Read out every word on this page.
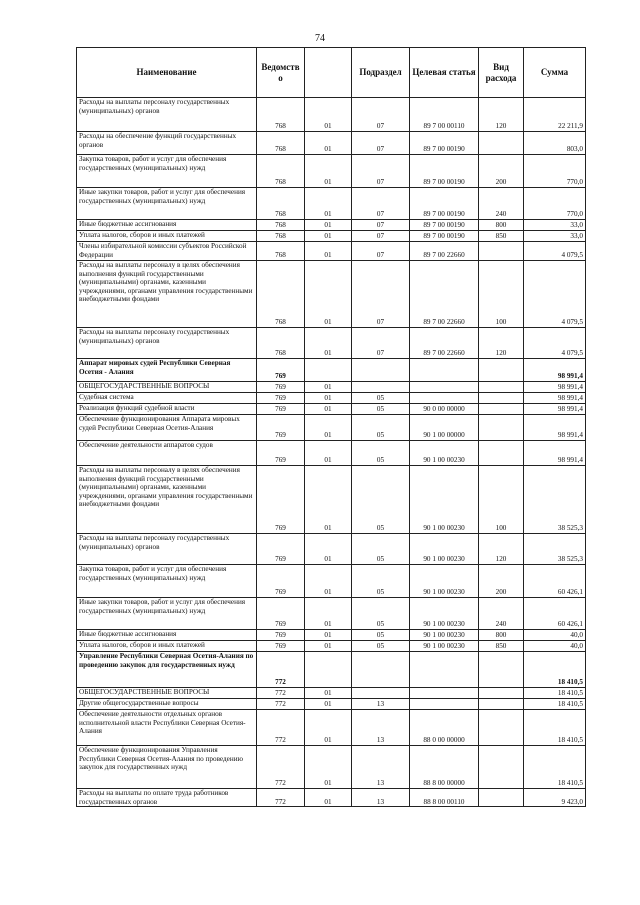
74
Наименование	Ведомств о		Подраздел	Целевая статья	Вид расхода	Сумма
Расходы на выплаты персоналу государственных (муниципальных) органов	768	01	07	89 7 00 00110	120	22 211,9
Расходы на обеспечение функций государственных органов	768	01	07	89 7 00 00190		803,0
Закупка товаров, работ и услуг для обеспечения государственных (муниципальных) нужд	768	01	07	89 7 00 00190	200	770,0
Иные закупки товаров, работ и услуг для обеспечения государственных (муниципальных) нужд	768	01	07	89 7 00 00190	240	770,0
Иные бюджетные ассигнования	768	01	07	89 7 00 00190	800	33,0
Уплата налогов, сборов и иных платежей	768	01	07	89 7 00 00190	850	33,0
Члены избирательной комиссии субъектов Российской Федерации	768	01	07	89 7 00 22660		4 079,5
Расходы на выплаты персоналу в целях обеспечения выполнения функций государственными (муниципальными) органами, казенными учреждениями, органами управления государственными внебюджетными фондами	768	01	07	89 7 00 22660	100	4 079,5
Расходы на выплаты персоналу государственных (муниципальных) органов	768	01	07	89 7 00 22660	120	4 079,5
Аппарат мировых судей Республики Северная Осетия - Алания	769					98 991,4
ОБЩЕГОСУДАРСТВЕННЫЕ ВОПРОСЫ	769	01				98 991,4
Судебная система	769	01	05			98 991,4
Реализация функций судебной власти	769	01	05	90 0 00 00000		98 991,4
Обеспечение функционирования Аппарата мировых судей Республики Северная Осетия-Алания	769	01	05	90 1 00 00000		98 991,4
Обеспечение деятельности аппаратов судов	769	01	05	90 1 00 00230		98 991,4
Расходы на выплаты персоналу в целях обеспечения выполнения функций государственными (муниципальными) органами, казенными учреждениями, органами управления государственными внебюджетными фондами	769	01	05	90 1 00 00230	100	38 525,3
Расходы на выплаты персоналу государственных (муниципальных) органов	769	01	05	90 1 00 00230	120	38 525,3
Закупка товаров, работ и услуг для обеспечения государственных (муниципальных) нужд	769	01	05	90 1 00 00230	200	60 426,1
Иные закупки товаров, работ и услуг для обеспечения государственных (муниципальных) нужд	769	01	05	90 1 00 00230	240	60 426,1
Иные бюджетные ассигнования	769	01	05	90 1 00 00230	800	40,0
Уплата налогов, сборов и иных платежей	769	01	05	90 1 00 00230	850	40,0
Управление Республики Северная Осетия-Алания по проведению закупок для государственных нужд	772					18 410,5
ОБЩЕГОСУДАРСТВЕННЫЕ ВОПРОСЫ	772	01				18 410,5
Другие общегосударственные вопросы	772	01	13			18 410,5
Обеспечение деятельности отдельных органов исполнительной власти Республики Северная Осетия-Алания	772	01	13	88 0 00 00000		18 410,5
Обеспечение функционирования Управления Республики Северная Осетия-Алания по проведению закупок для государственных нужд	772	01	13	88 8 00 00000		18 410,5
Расходы на выплаты по оплате труда работников государственных органов	772	01	13	88 8 00 00110		9 423,0
